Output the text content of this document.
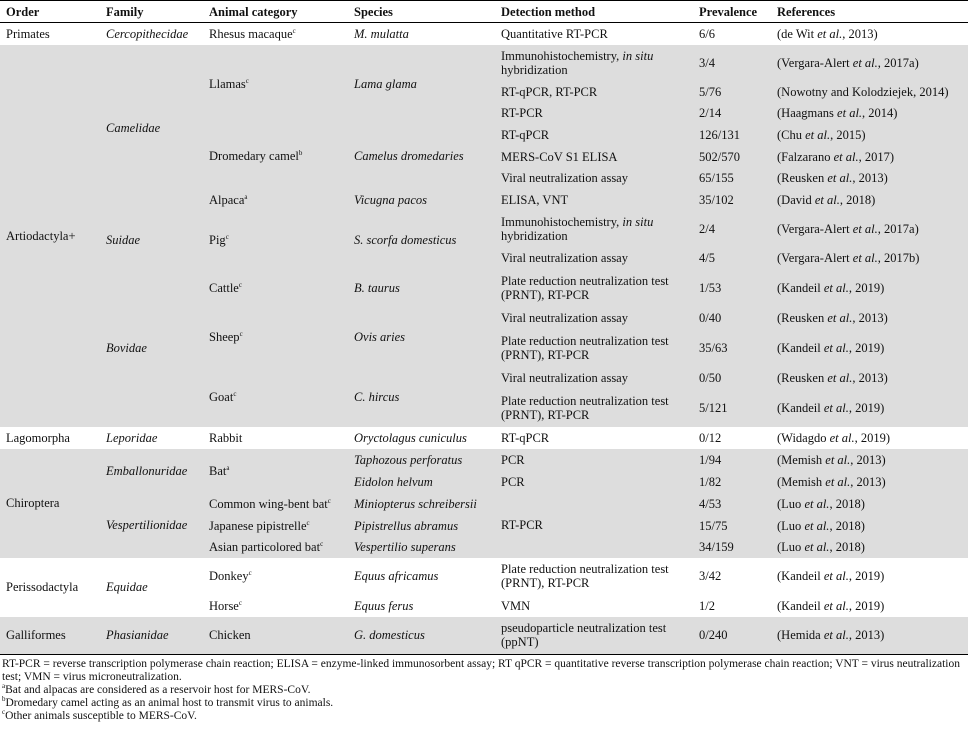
Order	Family	Animal category	Species	Detection method	Prevalence	References
Primates	Cercopithecidae	Rhesus macaque$^c$	M. mulatta	Quantitative RT-PCR	6/6	(de Wit et al., 2013)
Artiodactyla+	Camelidae	Llamas$^c$	Lama glama	Immunohistochemistry, in situ hybridization	3/4	(Vergara-Alert et al., 2017a)
				RT-qPCR, RT-PCR	5/76	(Nowotny and Kolodziejek, 2014)
				RT-PCR	2/14	(Haagmans et al., 2014)
		Dromedary camel$^b$	Camelus dromedaries	RT-qPCR	126/131	(Chu et al., 2015)
				MERS-CoV S1 ELISA	502/570	(Falzarano et al., 2017)
				Viral neutralization assay	65/155	(Reusken et al., 2013)
		Alpaca$^a$	Vicugna pacos	ELISA, VNT	35/102	(David et al., 2018)
	Suidae	Pig$^c$	S. scorfa domesticus	Immunohistochemistry, in situ hybridization	2/4	(Vergara-Alert et al., 2017a)
				Viral neutralization assay	4/5	(Vergara-Alert et al., 2017b)
	Bovidae	Cattle$^c$	B. taurus	Plate reduction neutralization test (PRNT), RT-PCR	1/53	(Kandeil et al., 2019)
		Sheep$^c$	Ovis aries	Viral neutralization assay	0/40	(Reusken et al., 2013)
				Plate reduction neutralization test (PRNT), RT-PCR	35/63	(Kandeil et al., 2019)
		Goat$^c$	C. hircus	Viral neutralization assay	0/50	(Reusken et al., 2013)
				Plate reduction neutralization test (PRNT), RT-PCR	5/121	(Kandeil et al., 2019)
Lagomorpha	Leporidae	Rabbit	Oryctolagus cuniculus	RT-qPCR	0/12	(Widagdo et al., 2019)
Chiroptera	Emballonuridae	Bat$^a$	Taphozous perforatus	PCR	1/94	(Memish et al., 2013)
			Eidolon helvum	PCR	1/82	(Memish et al., 2013)
	Vespertilionidae	Common wing-bent bat$^c$	Miniopterus schreibersii	RT-PCR	4/53	(Luo et al., 2018)
		Japanese pipistrelle$^c$	Pipistrellus abramus		15/75	(Luo et al., 2018)
		Asian particolored bat$^c$	Vespertilio superans		34/159	(Luo et al., 2018)
Perissodactyla	Equidae	Donkey$^c$	Equus africamus	Plate reduction neutralization test (PRNT), RT-PCR	3/42	(Kandeil et al., 2019)
		Horse$^c$	Equus ferus	VMN	1/2	(Kandeil et al., 2019)
Galliformes	Phasianidae	Chicken	G. domesticus	pseudoparticle neutralization test (ppNT)	0/240	(Hemida et al., 2013)

RT-PCR = reverse transcription polymerase chain reaction; ELISA = enzyme-linked immunosorbent assay; RT qPCR = quantitative reverse transcription polymerase chain reaction; VNT = virus neutralization test; VMN = virus microneutralization.

$^a$Bat and alpacas are considered as a reservoir host for MERS-CoV.

$^b$Dromedary camel acting as an animal host to transmit virus to animals.

$^c$Other animals susceptible to MERS-CoV.
